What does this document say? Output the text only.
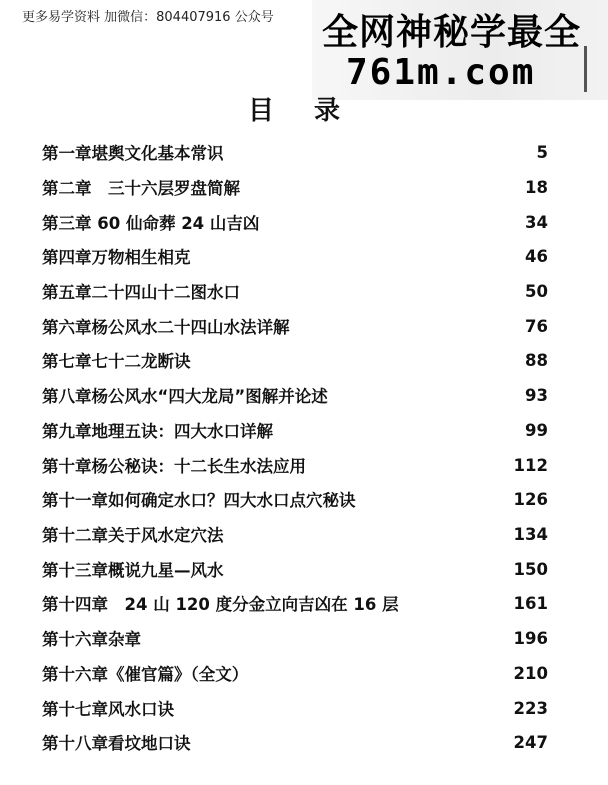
更多易学资料 加微信：804407916 公众号 全网神秘学最全
761m.com
目录
第一章堪舆文化基本常识	5
第二章　三十六层罗盘简解	18
第三章 60 仙命葬 24 山吉凶	34
第四章万物相生相克	46
第五章二十四山十二图水口	50
第六章杨公风水二十四山水法详解	76
第七章七十二龙断诀	88
第八章杨公风水“四大龙局”图解并论述	93
第九章地理五诀：四大水口详解	99
第十章杨公秘诀：十二长生水法应用	112
第十一章如何确定水口？四大水口点穴秘诀	126
第十二章关于风水定穴法	134
第十三章概说九星—风水	150
第十四章　24 山 120 度分金立向吉凶在 16 层	161
第十六章杂章	196
第十六章《催官篇》（全文）	210
第十七章风水口诀	223
第十八章看坟地口诀	247
